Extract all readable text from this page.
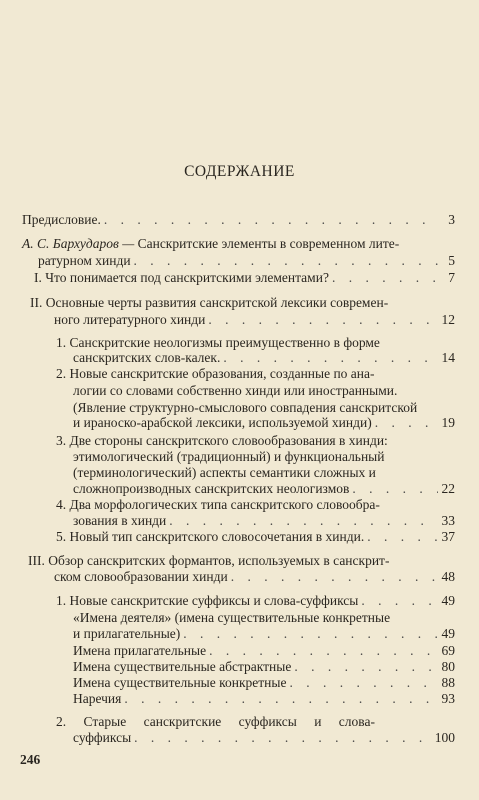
СОДЕРЖАНИЕ
Предисловие. . . .	3
А. С. Бархударов — Санскритские элементы в современном лите-
ратурном хинди . . .	5
I. Что понимается под санскритскими элементами? . . .	7
II. Основные черты развития санскритской лексики современ-
ного литературного хинди . . .	12
1. Санскритские неологизмы преимущественно в форме
санскритских слов-калек. . . .	14
2. Новые санскритские образования, созданные по ана-
логии со словами собственно хинди или иностранными.
(Явление структурно-смыслового совпадения санскритской
и ираноско-арабской лексики, используемой хинди) . . .	19
3. Две стороны санскритского словообразования в хинди:
этимологический (традиционный) и функциональный
(терминологический) аспекты семантики сложных и
сложнопроизводных санскритских неологизмов . . .	22
4. Два морфологических типа санскритского словообра-
зования в хинди . . .	33
5. Новый тип санскритского словосочетания в хинди. . . .	37
III. Обзор санскритских формантов, используемых в санскрит-
ском словообразовании хинди . . .	48
1. Новые санскритские суффиксы и слова-суффиксы . . .	49
«Имена деятеля» (имена существительные конкретные
и прилагательные) . . .	49
Имена прилагательные . . .	69
Имена существительные абстрактные . . .	80
Имена существительные конкретные . . .	88
Наречия . . .	93
2. Старые санскритские суффиксы и слова-
суффиксы . . .	100
246
